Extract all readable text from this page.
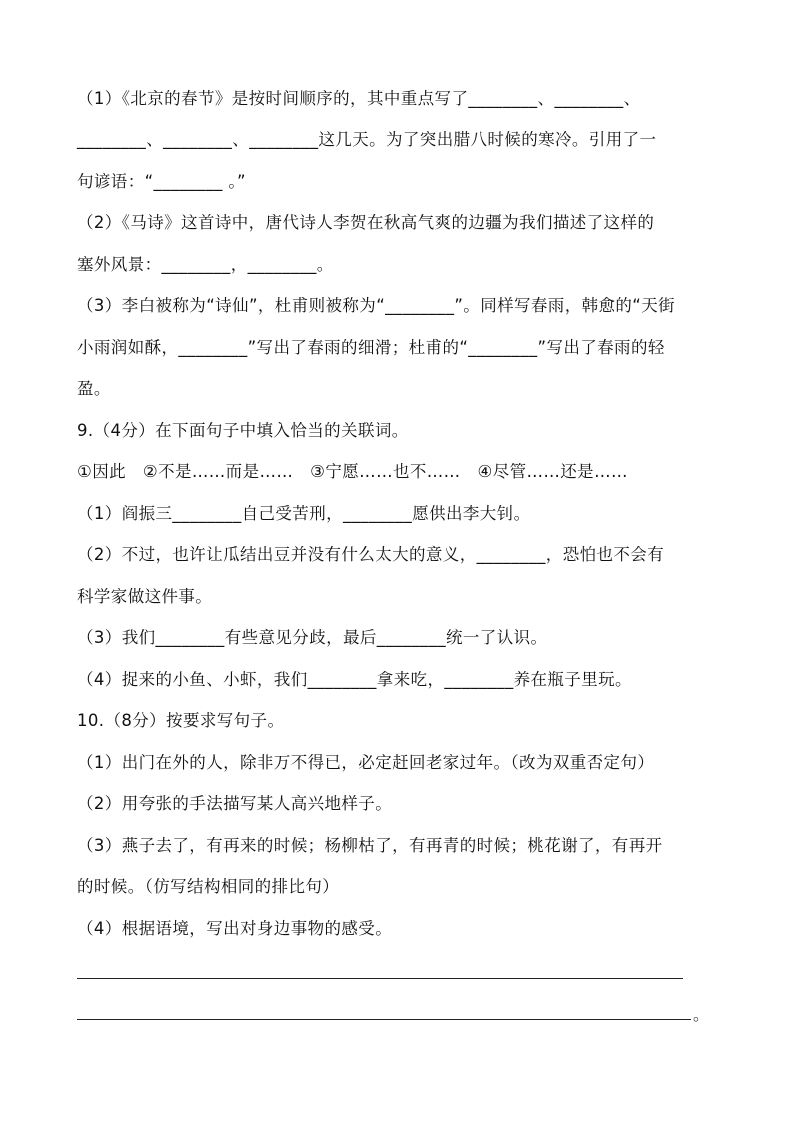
（1）《北京的春节》是按时间顺序的，其中重点写了________、________、
________、________、________这几天。为了突出腊八时候的寒冷。引用了一
句谚语：“________ 。”
（2）《马诗》这首诗中，唐代诗人李贺在秋高气爽的边疆为我们描述了这样的
塞外风景：________，________。
（3）李白被称为“诗仙”，杜甫则被称为“________”。同样写春雨，韩愈的“天街
小雨润如酥，________”写出了春雨的细滑；杜甫的“________”写出了春雨的轻
盈。
9.（4分）在下面句子中填入恰当的关联词。
①因此　②不是……而是……　③宁愿……也不……　④尽管……还是……
（1）阎振三________自己受苦刑，________愿供出李大钊。
（2）不过，也许让瓜结出豆并没有什么太大的意义，________，恐怕也不会有
科学家做这件事。
（3）我们________有些意见分歧，最后________统一了认识。
（4）捉来的小鱼、小虾，我们________拿来吃，________养在瓶子里玩。
10.（8分）按要求写句子。
（1）出门在外的人，除非万不得已，必定赶回老家过年。（改为双重否定句）
（2）用夸张的手法描写某人高兴地样子。
（3）燕子去了，有再来的时候；杨柳枯了，有再青的时候；桃花谢了，有再开
的时候。（仿写结构相同的排比句）
（4）根据语境，写出对身边事物的感受。
。
